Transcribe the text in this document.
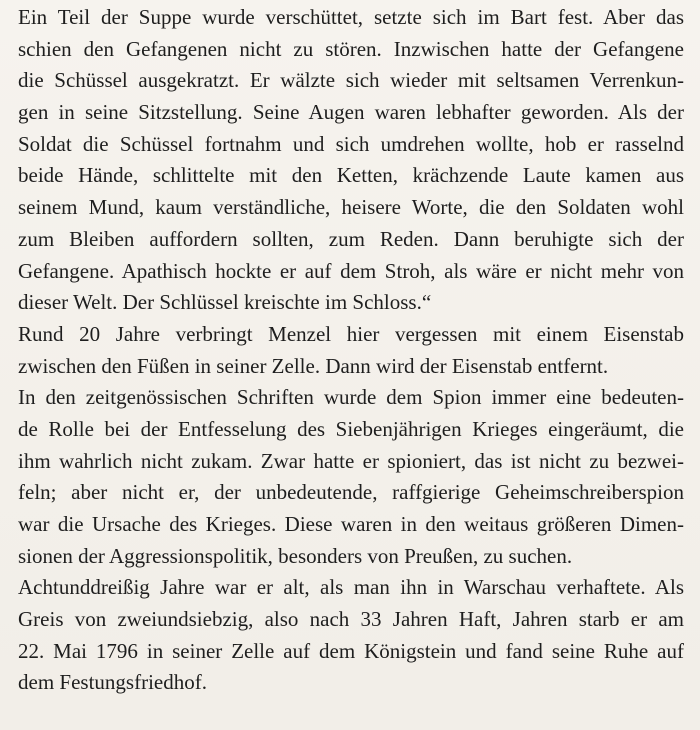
Ein Teil der Suppe wurde verschüttet, setzte sich im Bart fest. Aber das
schien den Gefangenen nicht zu stören. Inzwischen hatte der Gefangene
die Schüssel ausgekratzt. Er wälzte sich wieder mit seltsamen Verrenkun-
gen in seine Sitzstellung. Seine Augen waren lebhafter geworden. Als der
Soldat die Schüssel fortnahm und sich umdrehen wollte, hob er rasselnd
beide Hände, schlittelte mit den Ketten, krächzende Laute kamen aus
seinem Mund, kaum verständliche, heisere Worte, die den Soldaten wohl
zum Bleiben auffordern sollten, zum Reden. Dann beruhigte sich der
Gefangene. Apathisch hockte er auf dem Stroh, als wäre er nicht mehr von
dieser Welt. Der Schlüssel kreischte im Schloss.“
Rund 20 Jahre verbringt Menzel hier vergessen mit einem Eisenstab
zwischen den Füßen in seiner Zelle. Dann wird der Eisenstab entfernt.
In den zeitgenössischen Schriften wurde dem Spion immer eine bedeuten-
de Rolle bei der Entfesselung des Siebenjährigen Krieges eingeräumt, die
ihm wahrlich nicht zukam. Zwar hatte er spioniert, das ist nicht zu bezwei-
feln; aber nicht er, der unbedeutende, raffgierige Geheimschreiberspion
war die Ursache des Krieges. Diese waren in den weitaus größeren Dimen-
sionen der Aggressionspolitik, besonders von Preußen, zu suchen.
Achtunddreißig Jahre war er alt, als man ihn in Warschau verhaftete. Als
Greis von zweiundsiebzig, also nach 33 Jahren Haft, Jahren starb er am
22. Mai 1796 in seiner Zelle auf dem Königstein und fand seine Ruhe auf
dem Festungsfriedhof.
